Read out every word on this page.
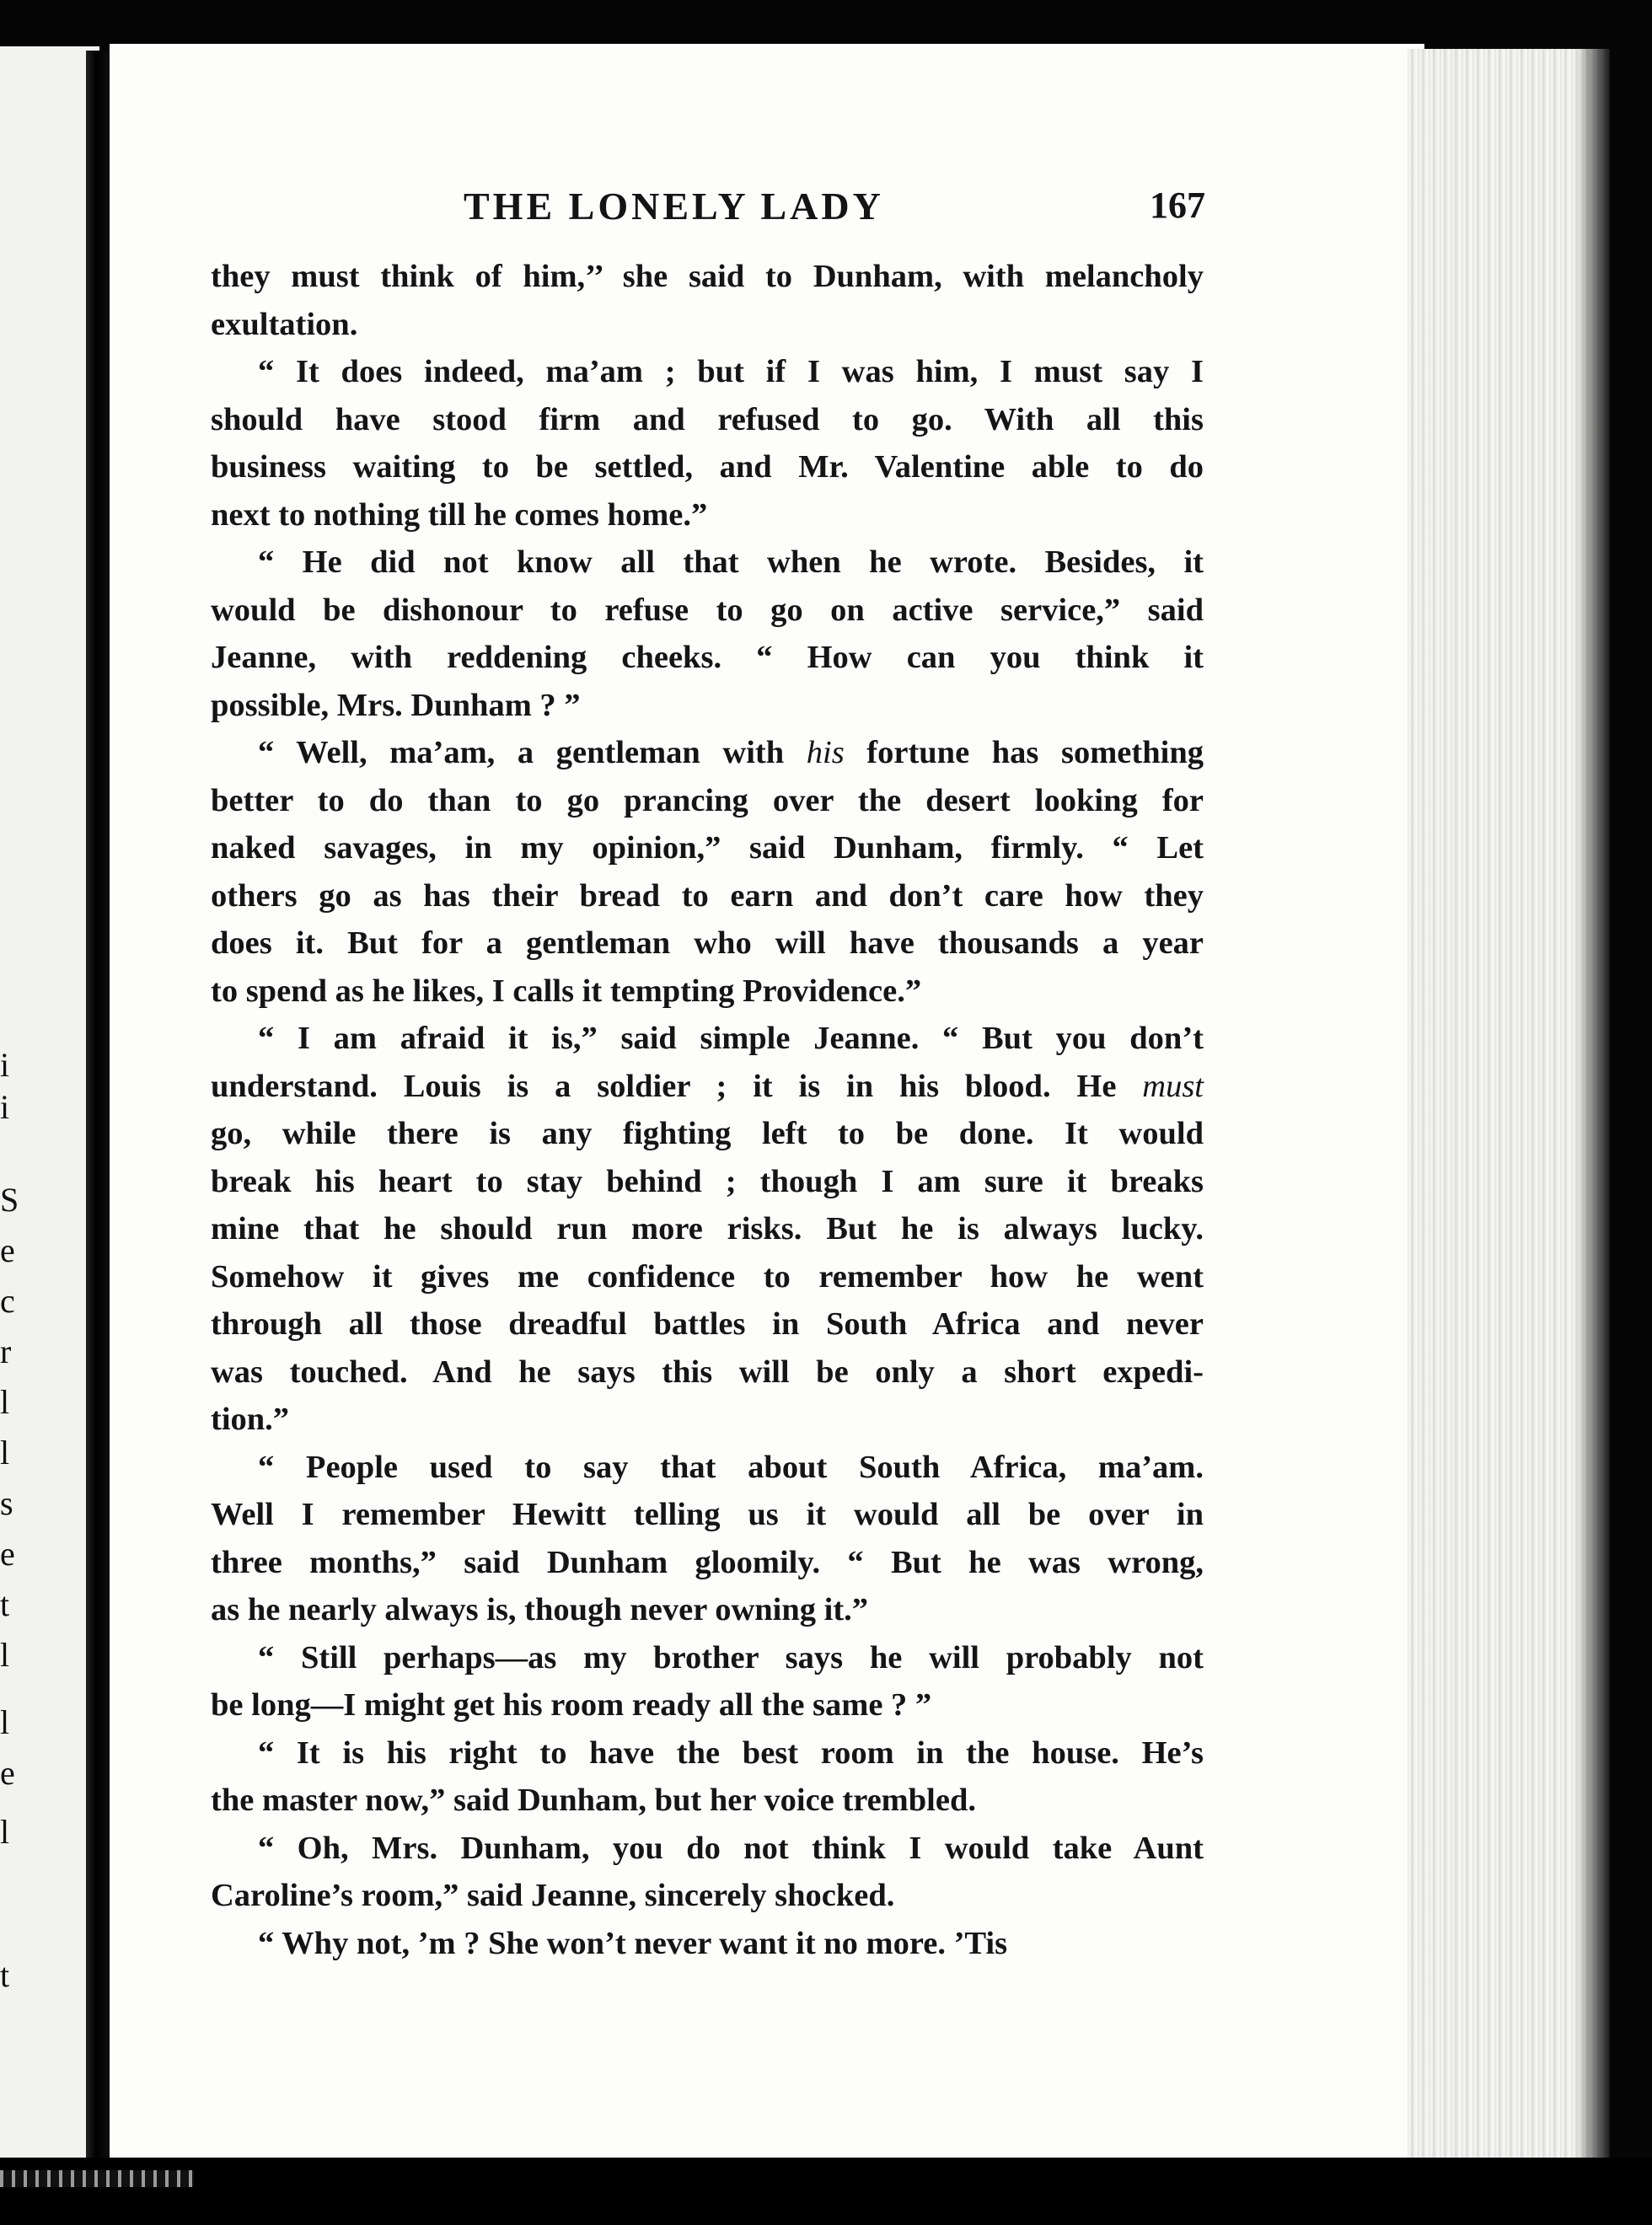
i
i
S
e
c
r
l
l
s
e
t
l
l
e
l
t
THE LONELY LADY	167

they must think of him,’’ she said to Dunham, with melancholy
exultation.

“ It does indeed, ma’am ; but if I was him, I must say I
should have stood firm and refused to go. With all this
business waiting to be settled, and Mr. Valentine able to do
next to nothing till he comes home.”

“ He did not know all that when he wrote. Besides, it
would be dishonour to refuse to go on active service,” said
Jeanne, with reddening cheeks. “ How can you think it
possible, Mrs. Dunham ? ”

“ Well, ma’am, a gentleman with his fortune has something
better to do than to go prancing over the desert looking for
naked savages, in my opinion,” said Dunham, firmly. “ Let
others go as has their bread to earn and don’t care how they
does it. But for a gentleman who will have thousands a year
to spend as he likes, I calls it tempting Providence.”

“ I am afraid it is,” said simple Jeanne. “ But you don’t
understand. Louis is a soldier ; it is in his blood. He must
go, while there is any fighting left to be done. It would
break his heart to stay behind ; though I am sure it breaks
mine that he should run more risks. But he is always lucky.
Somehow it gives me confidence to remember how he went
through all those dreadful battles in South Africa and never
was touched. And he says this will be only a short expedi-
tion.”

“ People used to say that about South Africa, ma’am.
Well I remember Hewitt telling us it would all be over in
three months,” said Dunham gloomily. “ But he was wrong,
as he nearly always is, though never owning it.”

“ Still perhaps—as my brother says he will probably not
be long—I might get his room ready all the same ? ”

“ It is his right to have the best room in the house. He’s
the master now,” said Dunham, but her voice trembled.

“ Oh, Mrs. Dunham, you do not think I would take Aunt
Caroline’s room,” said Jeanne, sincerely shocked.

“ Why not, ’m ? She won’t never want it no more. ’Tis
